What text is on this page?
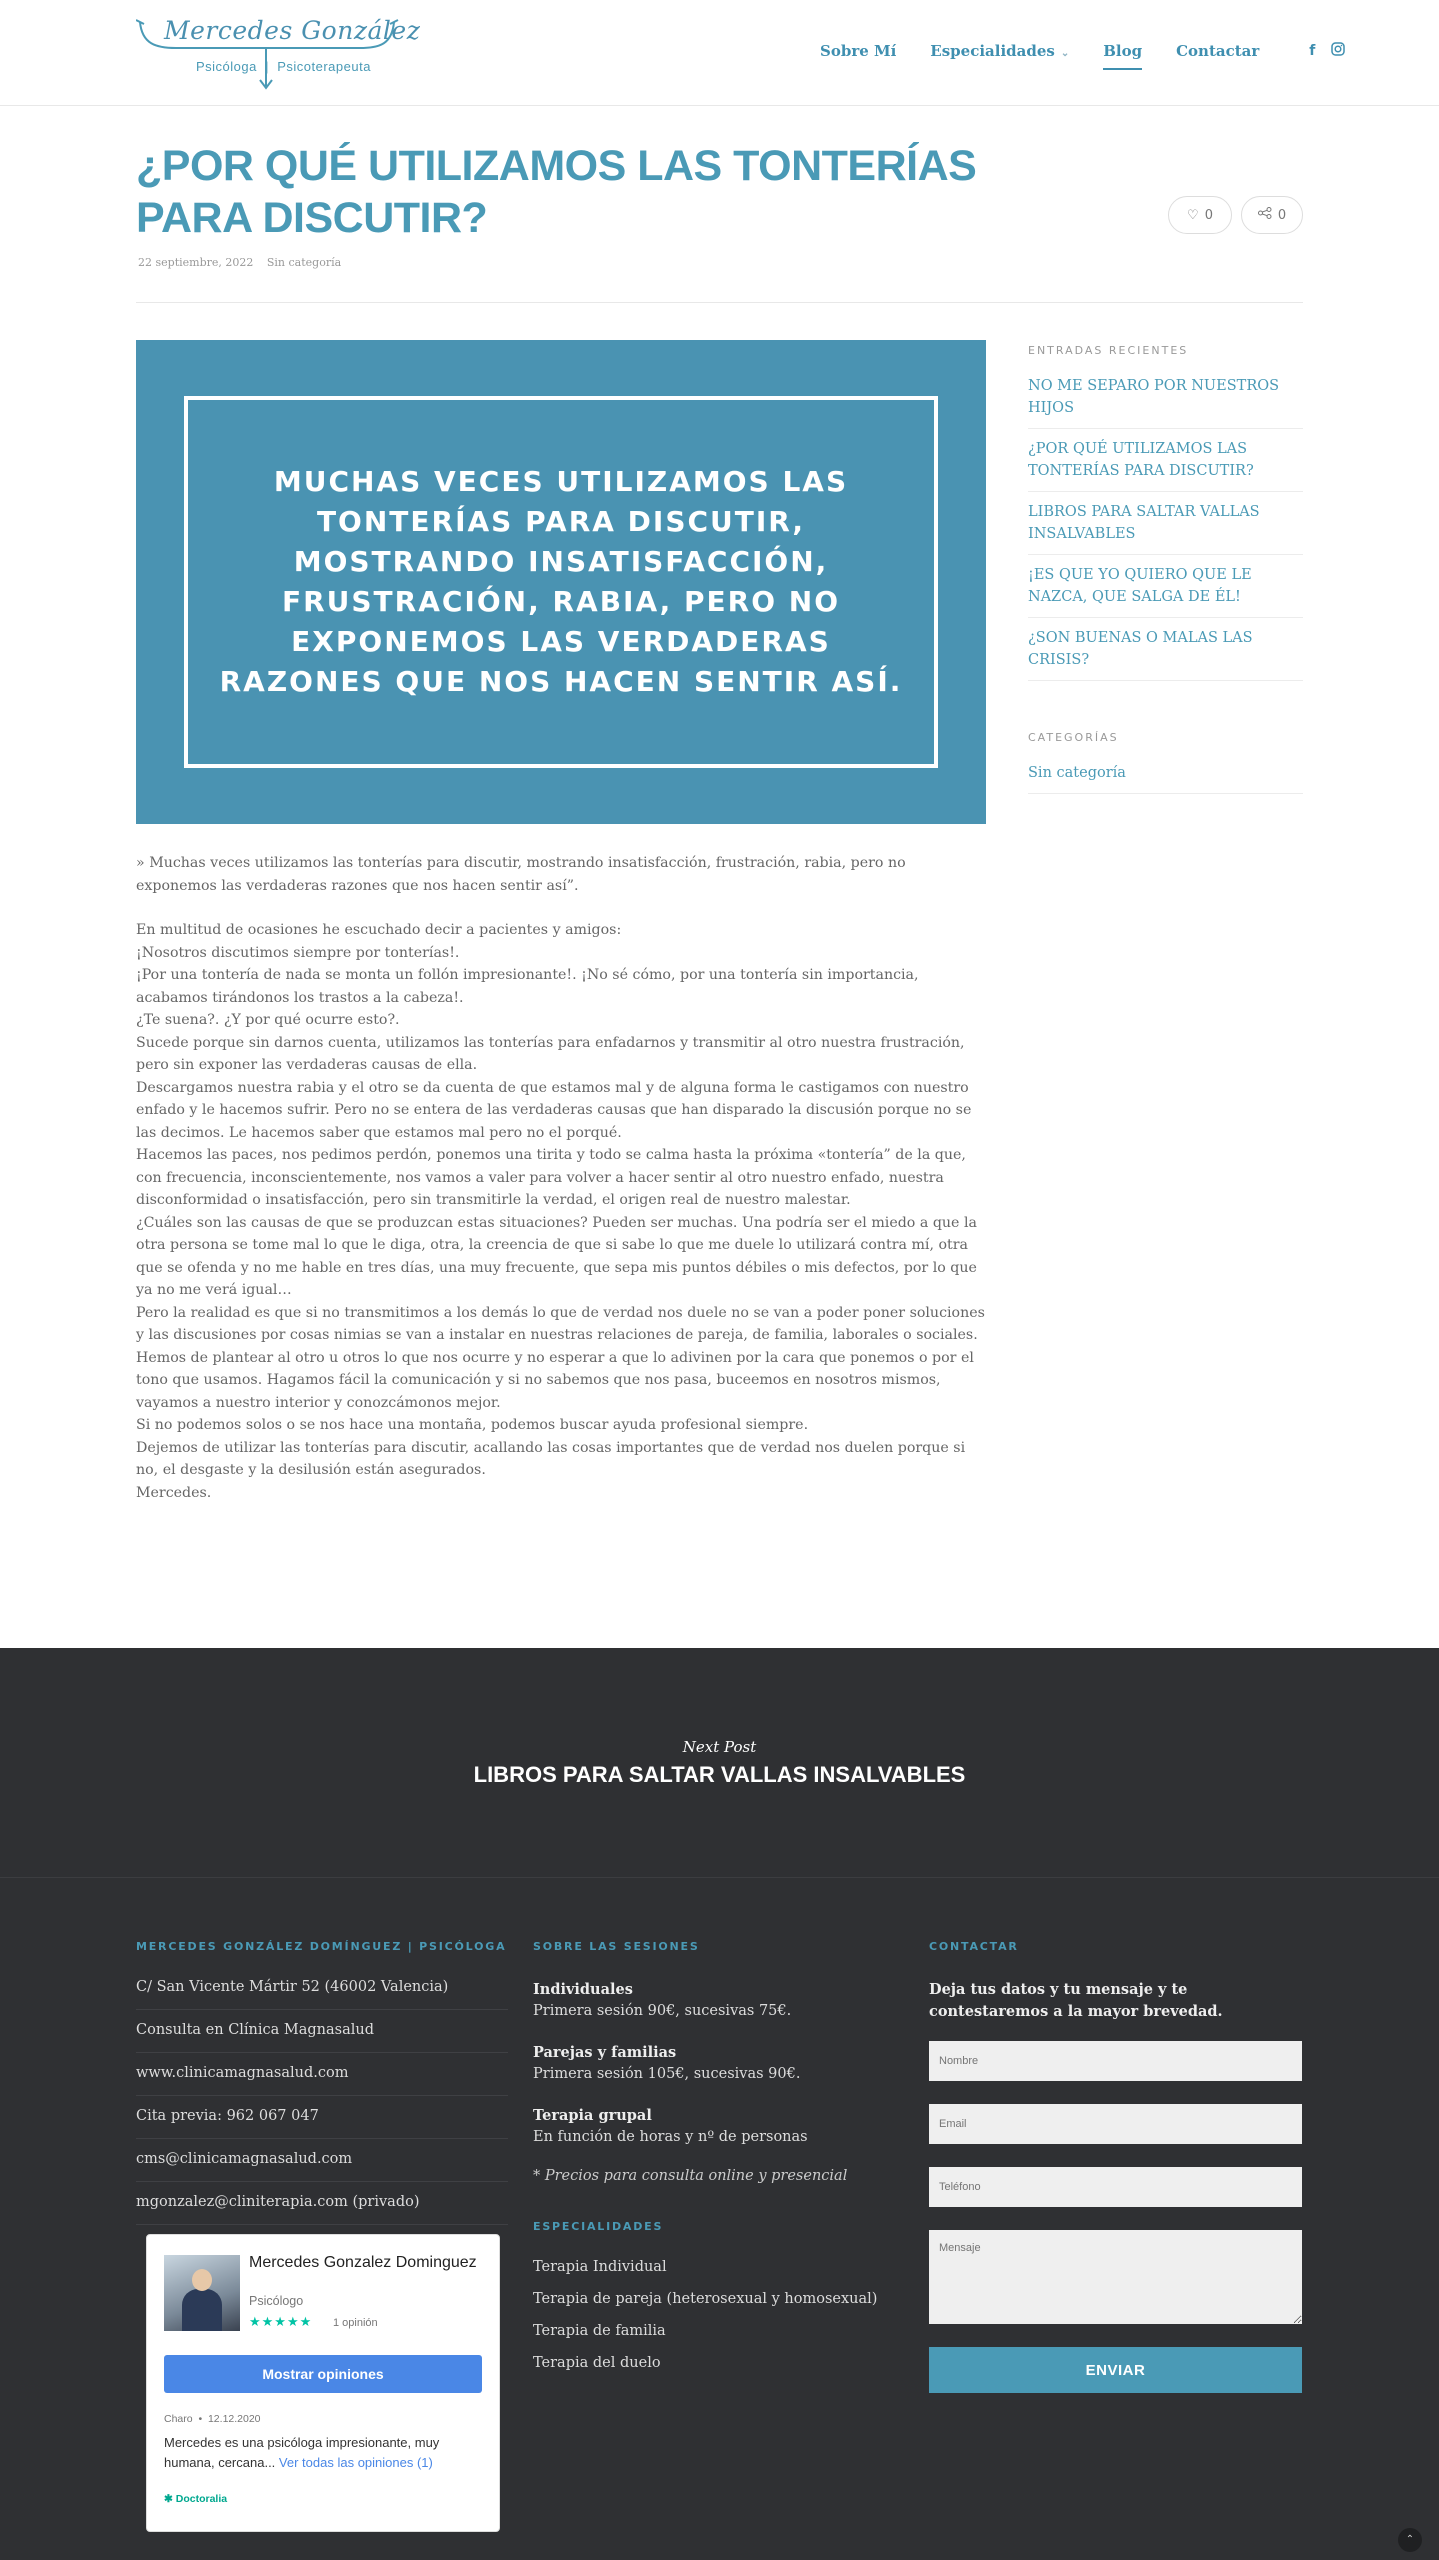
Mercedes González
Psicóloga  |  Psicoterapeuta
Sobre Mí Especialidades ⌄ Blog Contactar	f
¿POR QUÉ UTILIZAMOS LAS TONTERÍAS PARA DISCUTIR?
22 septiembre, 2022 Sin categoría
♡ 0	0
MUCHAS VECES UTILIZAMOS LAS TONTERÍAS PARA DISCUTIR, MOSTRANDO INSATISFACCIÓN, FRUSTRACIÓN, RABIA, PERO NO EXPONEMOS LAS VERDADERAS RAZONES QUE NOS HACEN SENTIR ASÍ.

» Muchas veces utilizamos las tonterías para discutir, mostrando insatisfacción, frustración, rabia, pero no exponemos las verdaderas razones que nos hacen sentir así”.

En multitud de ocasiones he escuchado decir a pacientes y amigos:

¡Nosotros discutimos siempre por tonterías!.

¡Por una tontería de nada se monta un follón impresionante!. ¡No sé cómo, por una tontería sin importancia, acabamos tirándonos los trastos a la cabeza!.

¿Te suena?. ¿Y por qué ocurre esto?.

Sucede porque sin darnos cuenta, utilizamos las tonterías para enfadarnos y transmitir al otro nuestra frustración, pero sin exponer las verdaderas causas de ella.

Descargamos nuestra rabia y el otro se da cuenta de que estamos mal y de alguna forma le castigamos con nuestro enfado y le hacemos sufrir. Pero no se entera de las verdaderas causas que han disparado la discusión porque no se las decimos. Le hacemos saber que estamos mal pero no el porqué.

Hacemos las paces, nos pedimos perdón, ponemos una tirita y todo se calma hasta la próxima «tontería” de la que, con frecuencia, inconscientemente, nos vamos a valer para volver a hacer sentir al otro nuestro enfado, nuestra disconformidad o insatisfacción, pero sin transmitirle la verdad, el origen real de nuestro malestar.

¿Cuáles son las causas de que se produzcan estas situaciones? Pueden ser muchas. Una podría ser el miedo a que la otra persona se tome mal lo que le diga, otra, la creencia de que si sabe lo que me duele lo utilizará contra mí, otra que se ofenda y no me hable en tres días, una muy frecuente, que sepa mis puntos débiles o mis defectos, por lo que ya no me verá igual…

Pero la realidad es que si no transmitimos a los demás lo que de verdad nos duele no se van a poder poner soluciones y las discusiones por cosas nimias se van a instalar en nuestras relaciones de pareja, de familia, laborales o sociales.

Hemos de plantear al otro u otros lo que nos ocurre y no esperar a que lo adivinen por la cara que ponemos o por el tono que usamos. Hagamos fácil la comunicación y si no sabemos que nos pasa, buceemos en nosotros mismos, vayamos a nuestro interior y conozcámonos mejor.

Si no podemos solos o se nos hace una montaña, podemos buscar ayuda profesional siempre.

Dejemos de utilizar las tonterías para discutir, acallando las cosas importantes que de verdad nos duelen porque si no, el desgaste y la desilusión están asegurados.

Mercedes.

ENTRADAS RECIENTES
NO ME SEPARO POR NUESTROS HIJOS
¿POR QUÉ UTILIZAMOS LAS TONTERÍAS PARA DISCUTIR?
LIBROS PARA SALTAR VALLAS INSALVABLES
¡ES QUE YO QUIERO QUE LE NAZCA, QUE SALGA DE ÉL!
¿SON BUENAS O MALAS LAS CRISIS?
CATEGORÍAS
Sin categoría
Next Post
LIBROS PARA SALTAR VALLAS INSALVABLES
MERCEDES GONZÁLEZ DOMÍNGUEZ | PSICÓLOGA
C/ San Vicente Mártir 52 (46002 Valencia)
Consulta en Clínica Magnasalud
www.clinicamagnasalud.com
Cita previa: 962 067 047
cms@clinicamagnasalud.com
mgonzalez@cliniterapia.com (privado)
SOBRE LAS SESIONES
Individuales
Primera sesión 90€, sucesivas 75€.
Parejas y familias
Primera sesión 105€, sucesivas 90€.
Terapia grupal
En función de horas y nº de personas
* Precios para consulta online y presencial
ESPECIALIDADES
Terapia Individual
Terapia de pareja (heterosexual y homosexual)
Terapia de familia
Terapia del duelo
CONTACTAR
Deja tus datos y tu mensaje y te contestaremos a la mayor brevedad.
Nombre
Email
Teléfono
Mensaje
ENVIAR
Mercedes Gonzalez Dominguez
Psicólogo
★★★★★ 1 opinión
Mostrar opiniones
Charo  •  12.12.2020
Mercedes es una psicóloga impresionante, muy humana, cercana... Ver todas las opiniones (1)
✱ Doctoralia
⌃
